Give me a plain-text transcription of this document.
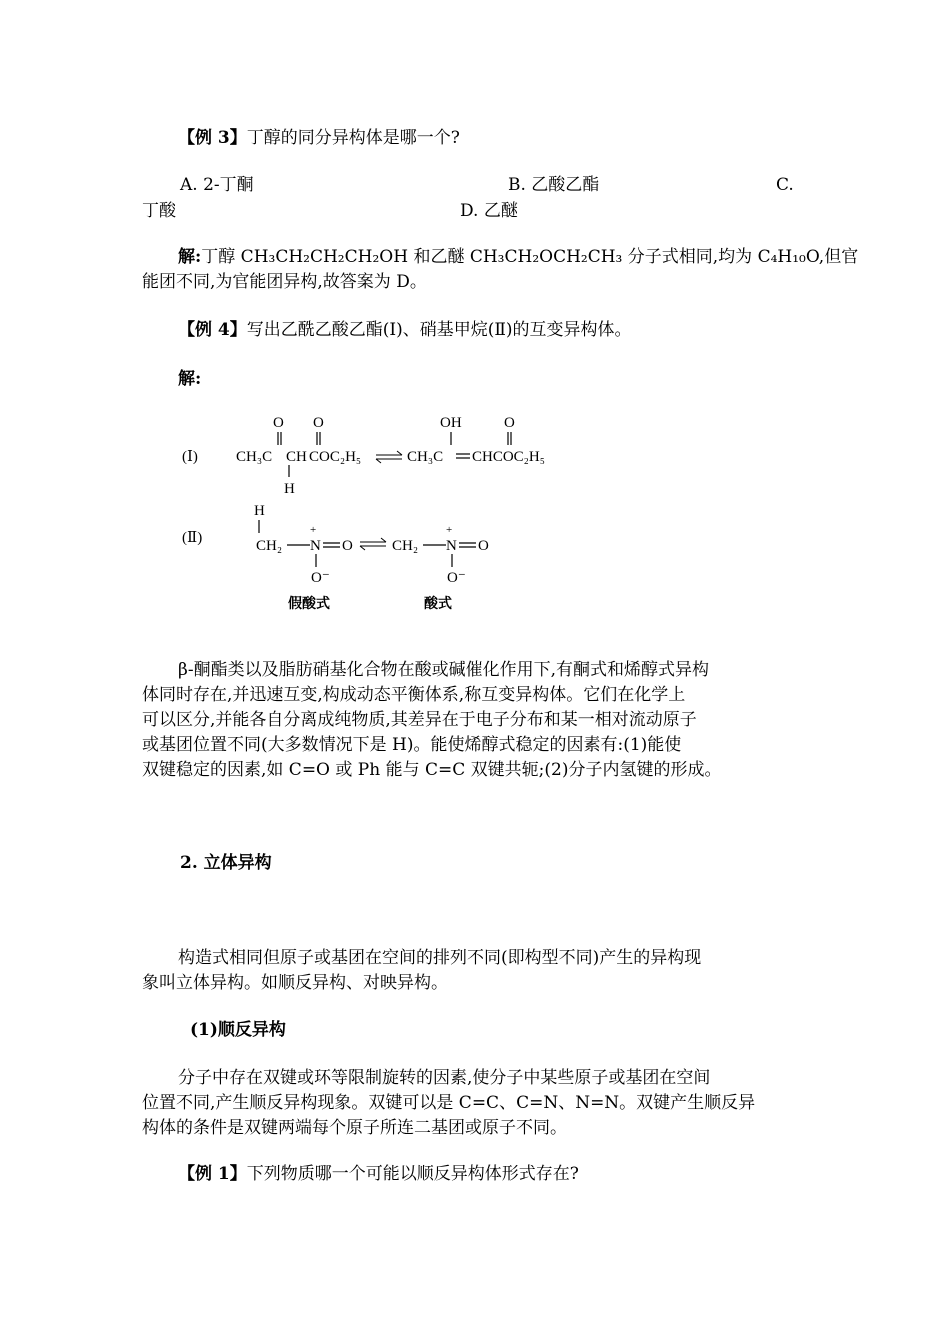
【例 3】丁醇的同分异构体是哪一个?
A. 2-丁酮	B. 乙酸乙酯	C.
丁酸	D. 乙醚
解:丁醇 CH₃CH₂CH₂CH₂OH 和乙醚 CH₃CH₂OCH₂CH₃ 分子式相同,均为 C₄H₁₀O,但官
能团不同,为官能团异构,故答案为 D。
【例 4】写出乙酰乙酸乙酯(Ⅰ)、硝基甲烷(Ⅱ)的互变异构体。
解:
(Ⅰ)
O O
CH₃C CH COC₂H₅
H
OH	O
CH₃C CHCOC₂H₅
H
(Ⅱ)	CH₂
+
N O
O⁻
CH₂
+
N O
O⁻
假酸式	酸式
β-酮酯类以及脂肪硝基化合物在酸或碱催化作用下,有酮式和烯醇式异构
体同时存在,并迅速互变,构成动态平衡体系,称互变异构体。它们在化学上
可以区分,并能各自分离成纯物质,其差异在于电子分布和某一相对流动原子
或基团位置不同(大多数情况下是 H)。能使烯醇式稳定的因素有:(1)能使
双键稳定的因素,如 C=O 或 Ph 能与 C=C 双键共轭;(2)分子内氢键的形成。
2. 立体异构
构造式相同但原子或基团在空间的排列不同(即构型不同)产生的异构现
象叫立体异构。如顺反异构、对映异构。
(1)顺反异构
分子中存在双键或环等限制旋转的因素,使分子中某些原子或基团在空间
位置不同,产生顺反异构现象。双键可以是 C=C、C=N、N=N。双键产生顺反异
构体的条件是双键两端每个原子所连二基团或原子不同。
【例 1】下列物质哪一个可能以顺反异构体形式存在?
